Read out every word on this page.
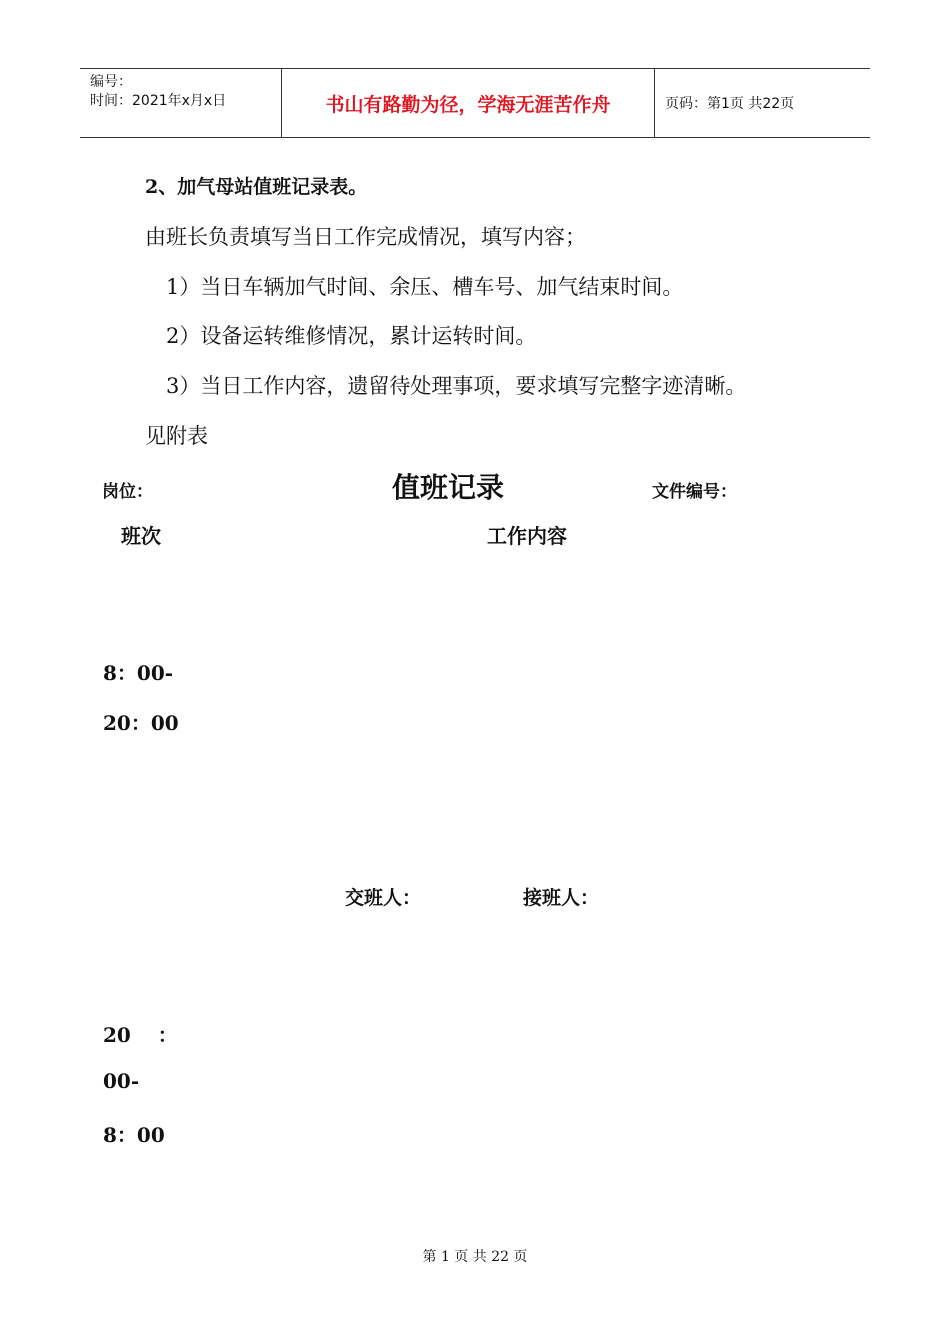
编号：
时间：2021年x月x日	书山有路勤为径，学海无涯苦作舟	页码：第1页 共22页
2、加气母站值班记录表。
由班长负责填写当日工作完成情况，填写内容；
1）当日车辆加气时间、余压、槽车号、加气结束时间。
2）设备运转维修情况，累计运转时间。
3）当日工作内容，遗留待处理事项，要求填写完整字迹清晰。
见附表
岗位：	值班记录	文件编号：
班次	工作内容
8：00-
20：00
交班人：	接班人：
20　 ：
00-
8：00
第 1 页 共 22 页
